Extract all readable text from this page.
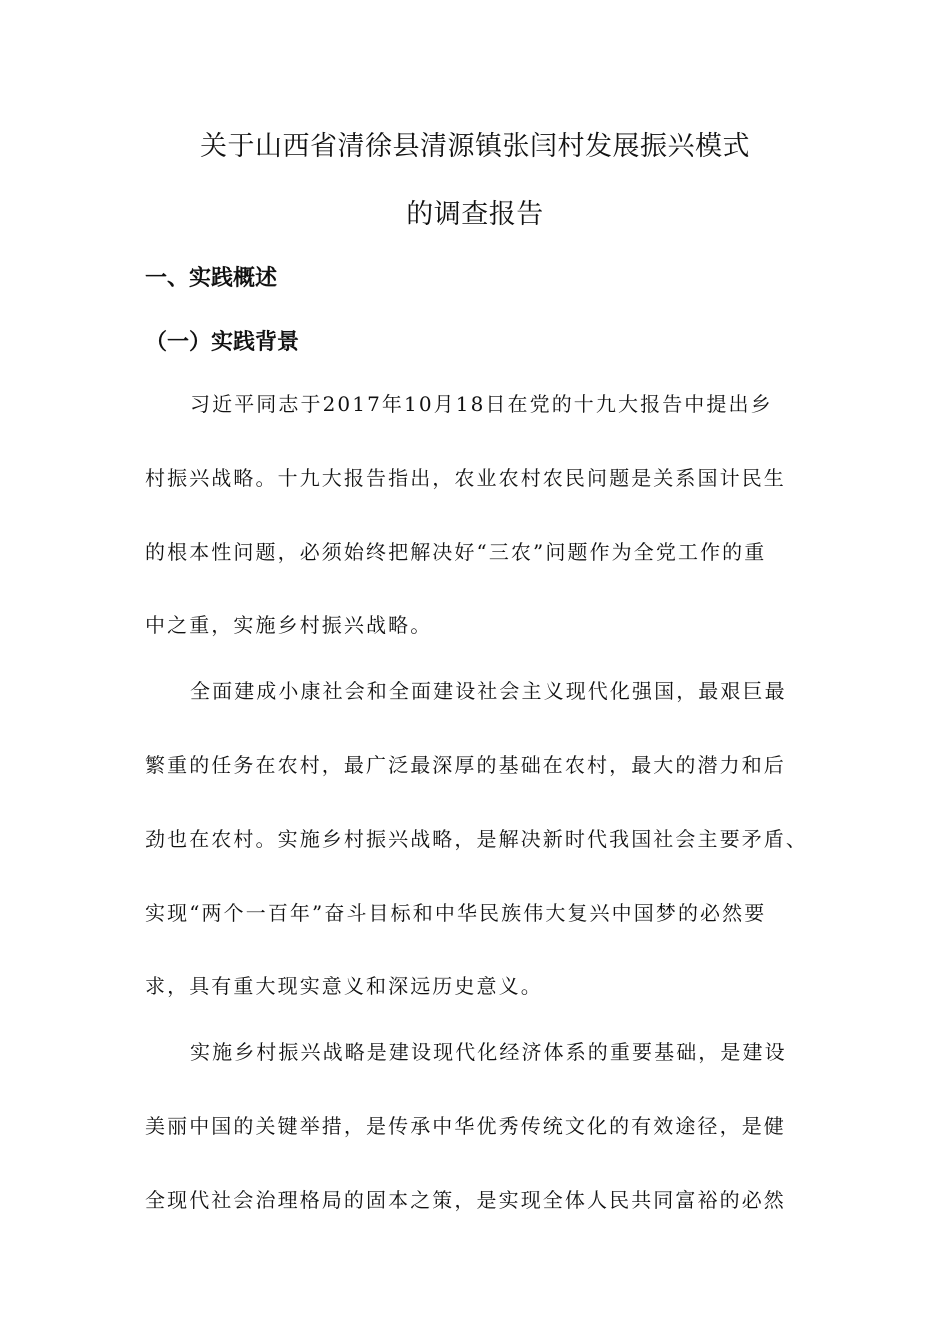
关于山西省清徐县清源镇张闫村发展振兴模式
的调查报告
一、实践概述
（一）实践背景
习近平同志于2017年10月18日在党的十九大报告中提出乡
村振兴战略。十九大报告指出，农业农村农民问题是关系国计民生
的根本性问题，必须始终把解决好“三农”问题作为全党工作的重
中之重，实施乡村振兴战略。
全面建成小康社会和全面建设社会主义现代化强国，最艰巨最
繁重的任务在农村，最广泛最深厚的基础在农村，最大的潜力和后
劲也在农村。实施乡村振兴战略，是解决新时代我国社会主要矛盾、
实现“两个一百年”奋斗目标和中华民族伟大复兴中国梦的必然要
求，具有重大现实意义和深远历史意义。
实施乡村振兴战略是建设现代化经济体系的重要基础，是建设
美丽中国的关键举措，是传承中华优秀传统文化的有效途径，是健
全现代社会治理格局的固本之策，是实现全体人民共同富裕的必然
